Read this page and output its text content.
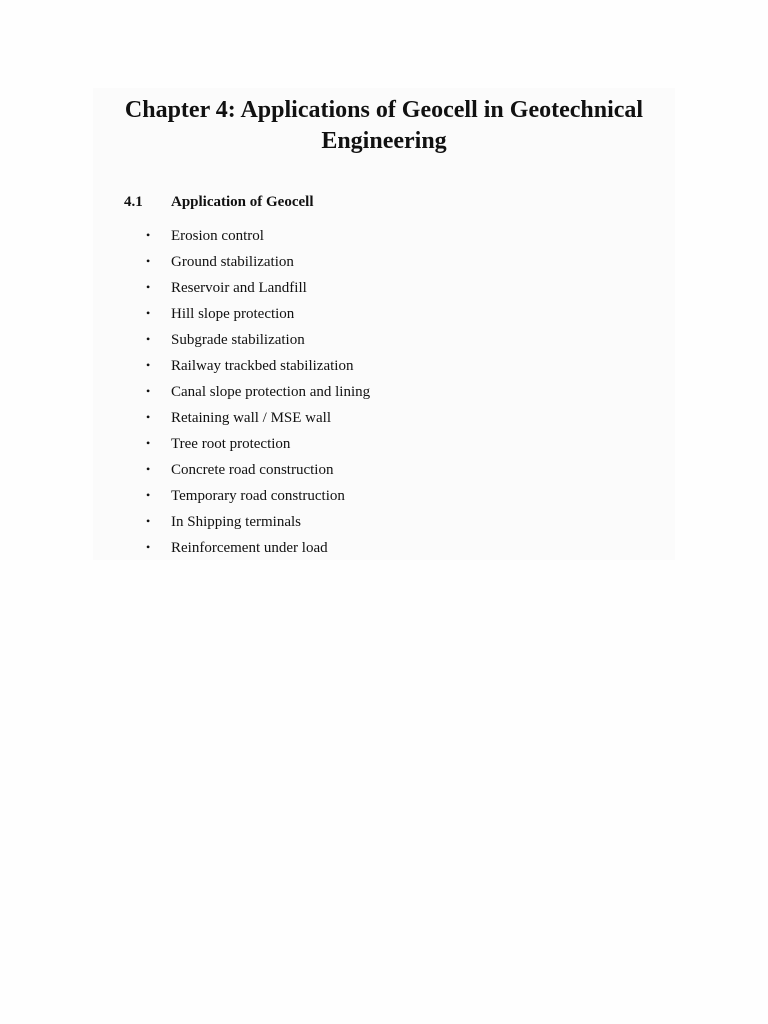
Chapter 4: Applications of Geocell in Geotechnical
Engineering
4.1 Application of Geocell
• Erosion control
• Ground stabilization
• Reservoir and Landfill
• Hill slope protection
• Subgrade stabilization
• Railway trackbed stabilization
• Canal slope protection and lining
• Retaining wall / MSE wall
• Tree root protection
• Concrete road construction
• Temporary road construction
• In Shipping terminals
• Reinforcement under load
